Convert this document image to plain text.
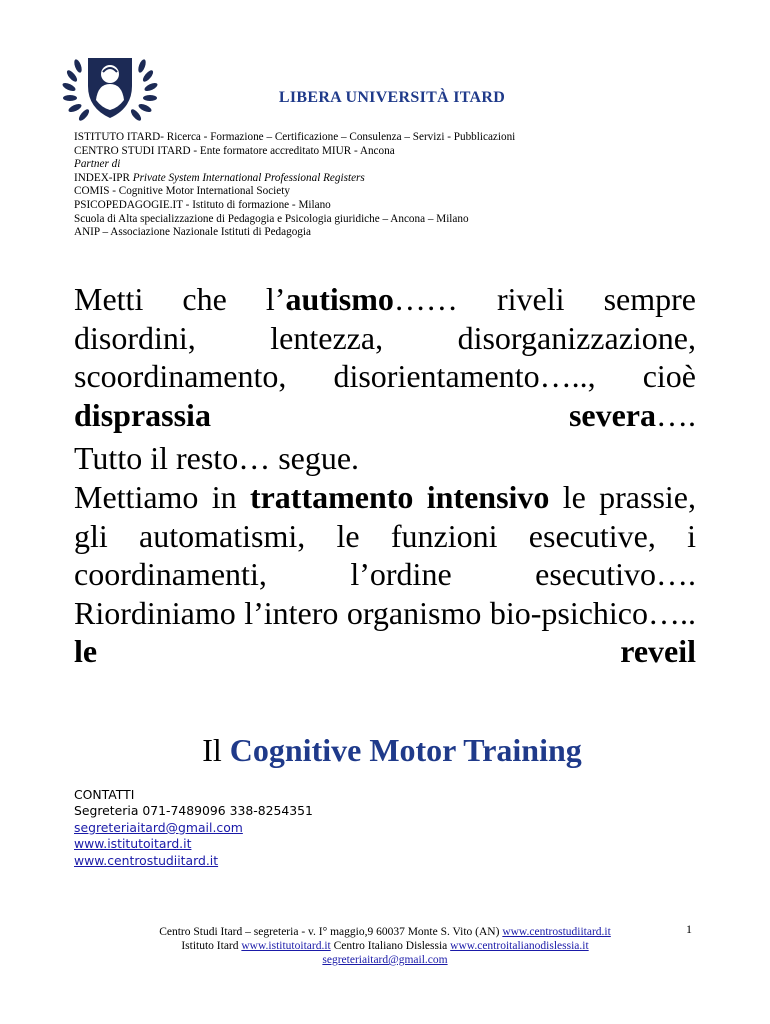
LIBERA UNIVERSITÀ ITARD
ISTITUTO ITARD- Ricerca - Formazione – Certificazione – Consulenza – Servizi - Pubblicazioni
CENTRO STUDI ITARD - Ente formatore accreditato MIUR - Ancona
Partner di
INDEX-IPR Private System International Professional Registers
COMIS - Cognitive Motor International Society
PSICOPEDAGOGIE.IT - Istituto di formazione - Milano
Scuola di Alta specializzazione di Pedagogia e Psicologia giuridiche – Ancona – Milano
ANIP – Associazione Nazionale Istituti di Pedagogia
Metti che l’autismo…… riveli sempre disordini, lentezza, disorganizzazione, scoordinamento, disorientamento….., cioè disprassia severa….
Tutto il resto… segue.
Mettiamo in trattamento intensivo le prassie, gli automatismi, le funzioni esecutive, i coordinamenti, l’ordine esecutivo….
Riordiniamo l’intero organismo bio-psichico….. le reveil
Il Cognitive Motor Training
CONTATTI
Segreteria 071-7489096 338-8254351
segreteriaitard@gmail.com
www.istitutoitard.it
www.centrostudiitard.it
Centro Studi Itard – segreteria - v. I° maggio,9 60037 Monte S. Vito (AN) www.centrostudiitard.it
Istituto Itard www.istitutoitard.it Centro Italiano Dislessia www.centroitalianodislessia.it
segreteriaitard@gmail.com
1
